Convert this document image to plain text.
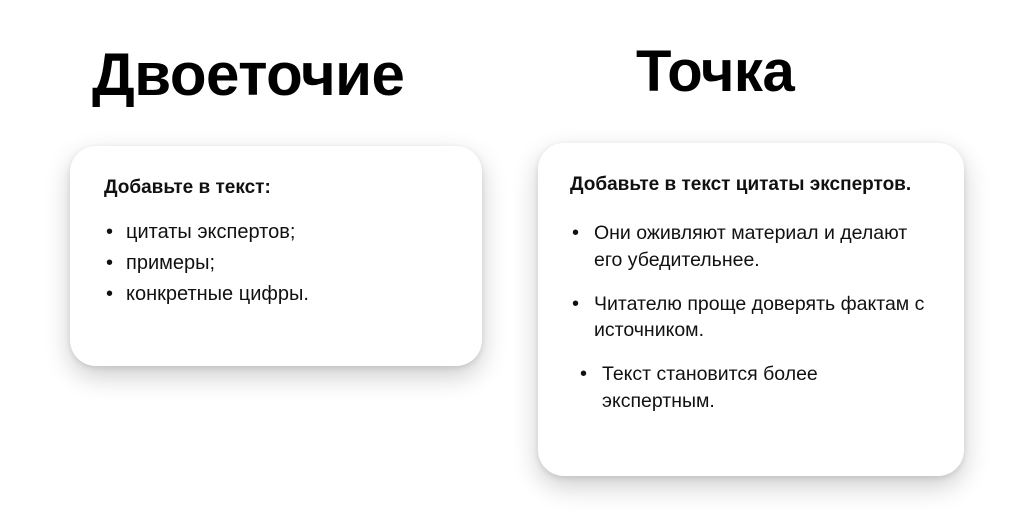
Двоеточие

Добавьте в текст:

• цитаты экспертов;
• примеры;
• конкретные цифры.
Точка

Добавьте в текст цитаты экспертов.

• Они оживляют материал и делают его убедительнее.
• Читателю проще доверять фактам с источником.
• Текст становится более экспертным.
